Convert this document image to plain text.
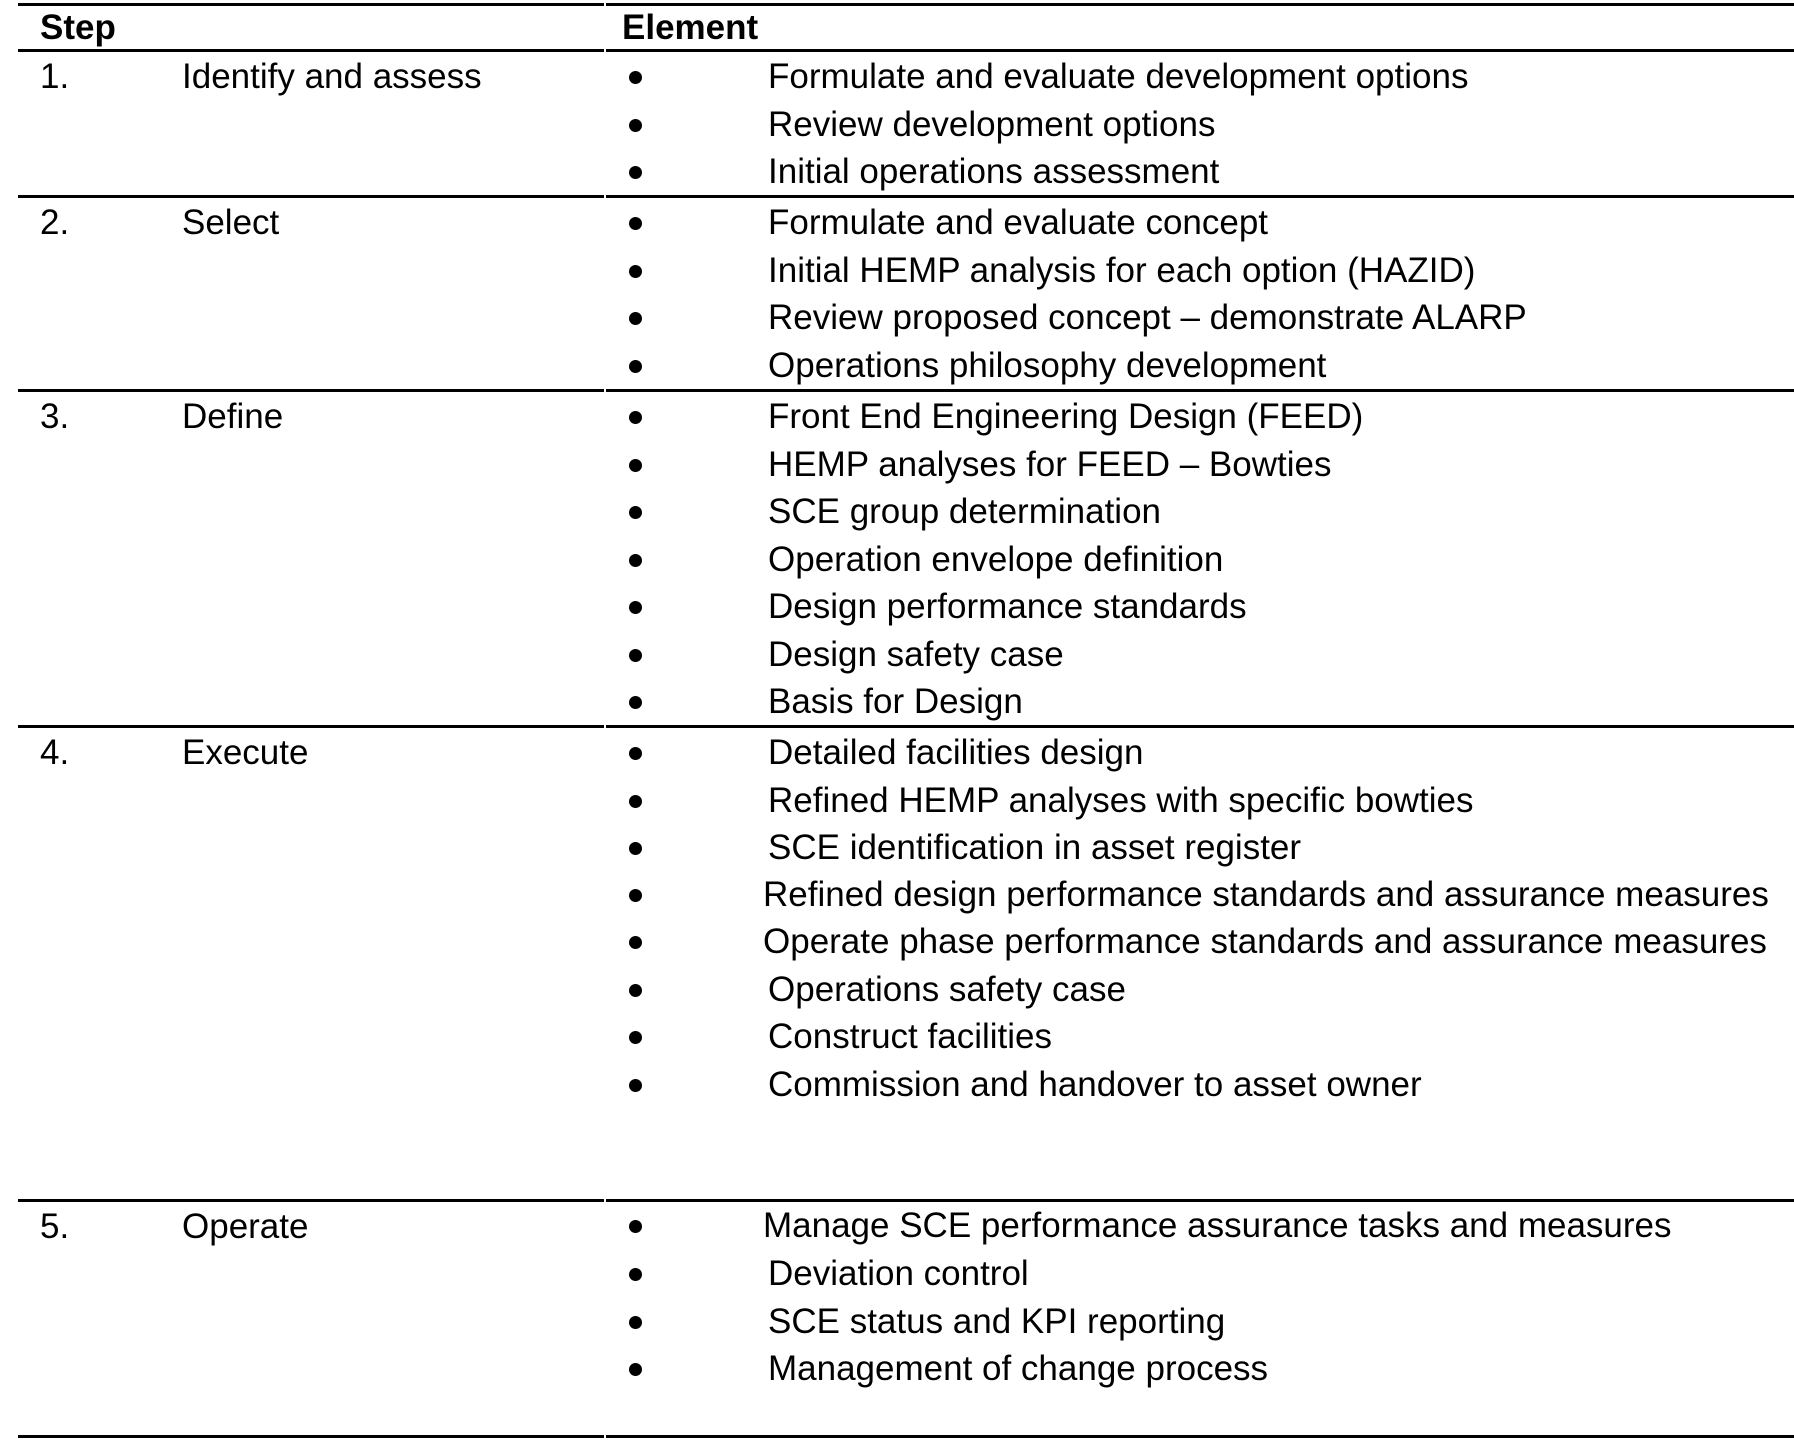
Step	Element
1.	Identify and assess	Formulate and evaluate development options
Review development options
Initial operations assessment
2.	Select	Formulate and evaluate concept
Initial HEMP analysis for each option (HAZID)
Review proposed concept – demonstrate ALARP
Operations philosophy development
3.	Define	Front End Engineering Design (FEED)
HEMP analyses for FEED – Bowties
SCE group determination
Operation envelope definition
Design performance standards
Design safety case
Basis for Design
4.	Execute	Detailed facilities design
Refined HEMP analyses with specific bowties
SCE identification in asset register
Refined design performance standards and assurance measures
Operate phase performance standards and assurance measures
Operations safety case
Construct facilities
Commission and handover to asset owner
5.	Operate	Manage SCE performance assurance tasks and measures
Deviation control
SCE status and KPI reporting
Management of change process
